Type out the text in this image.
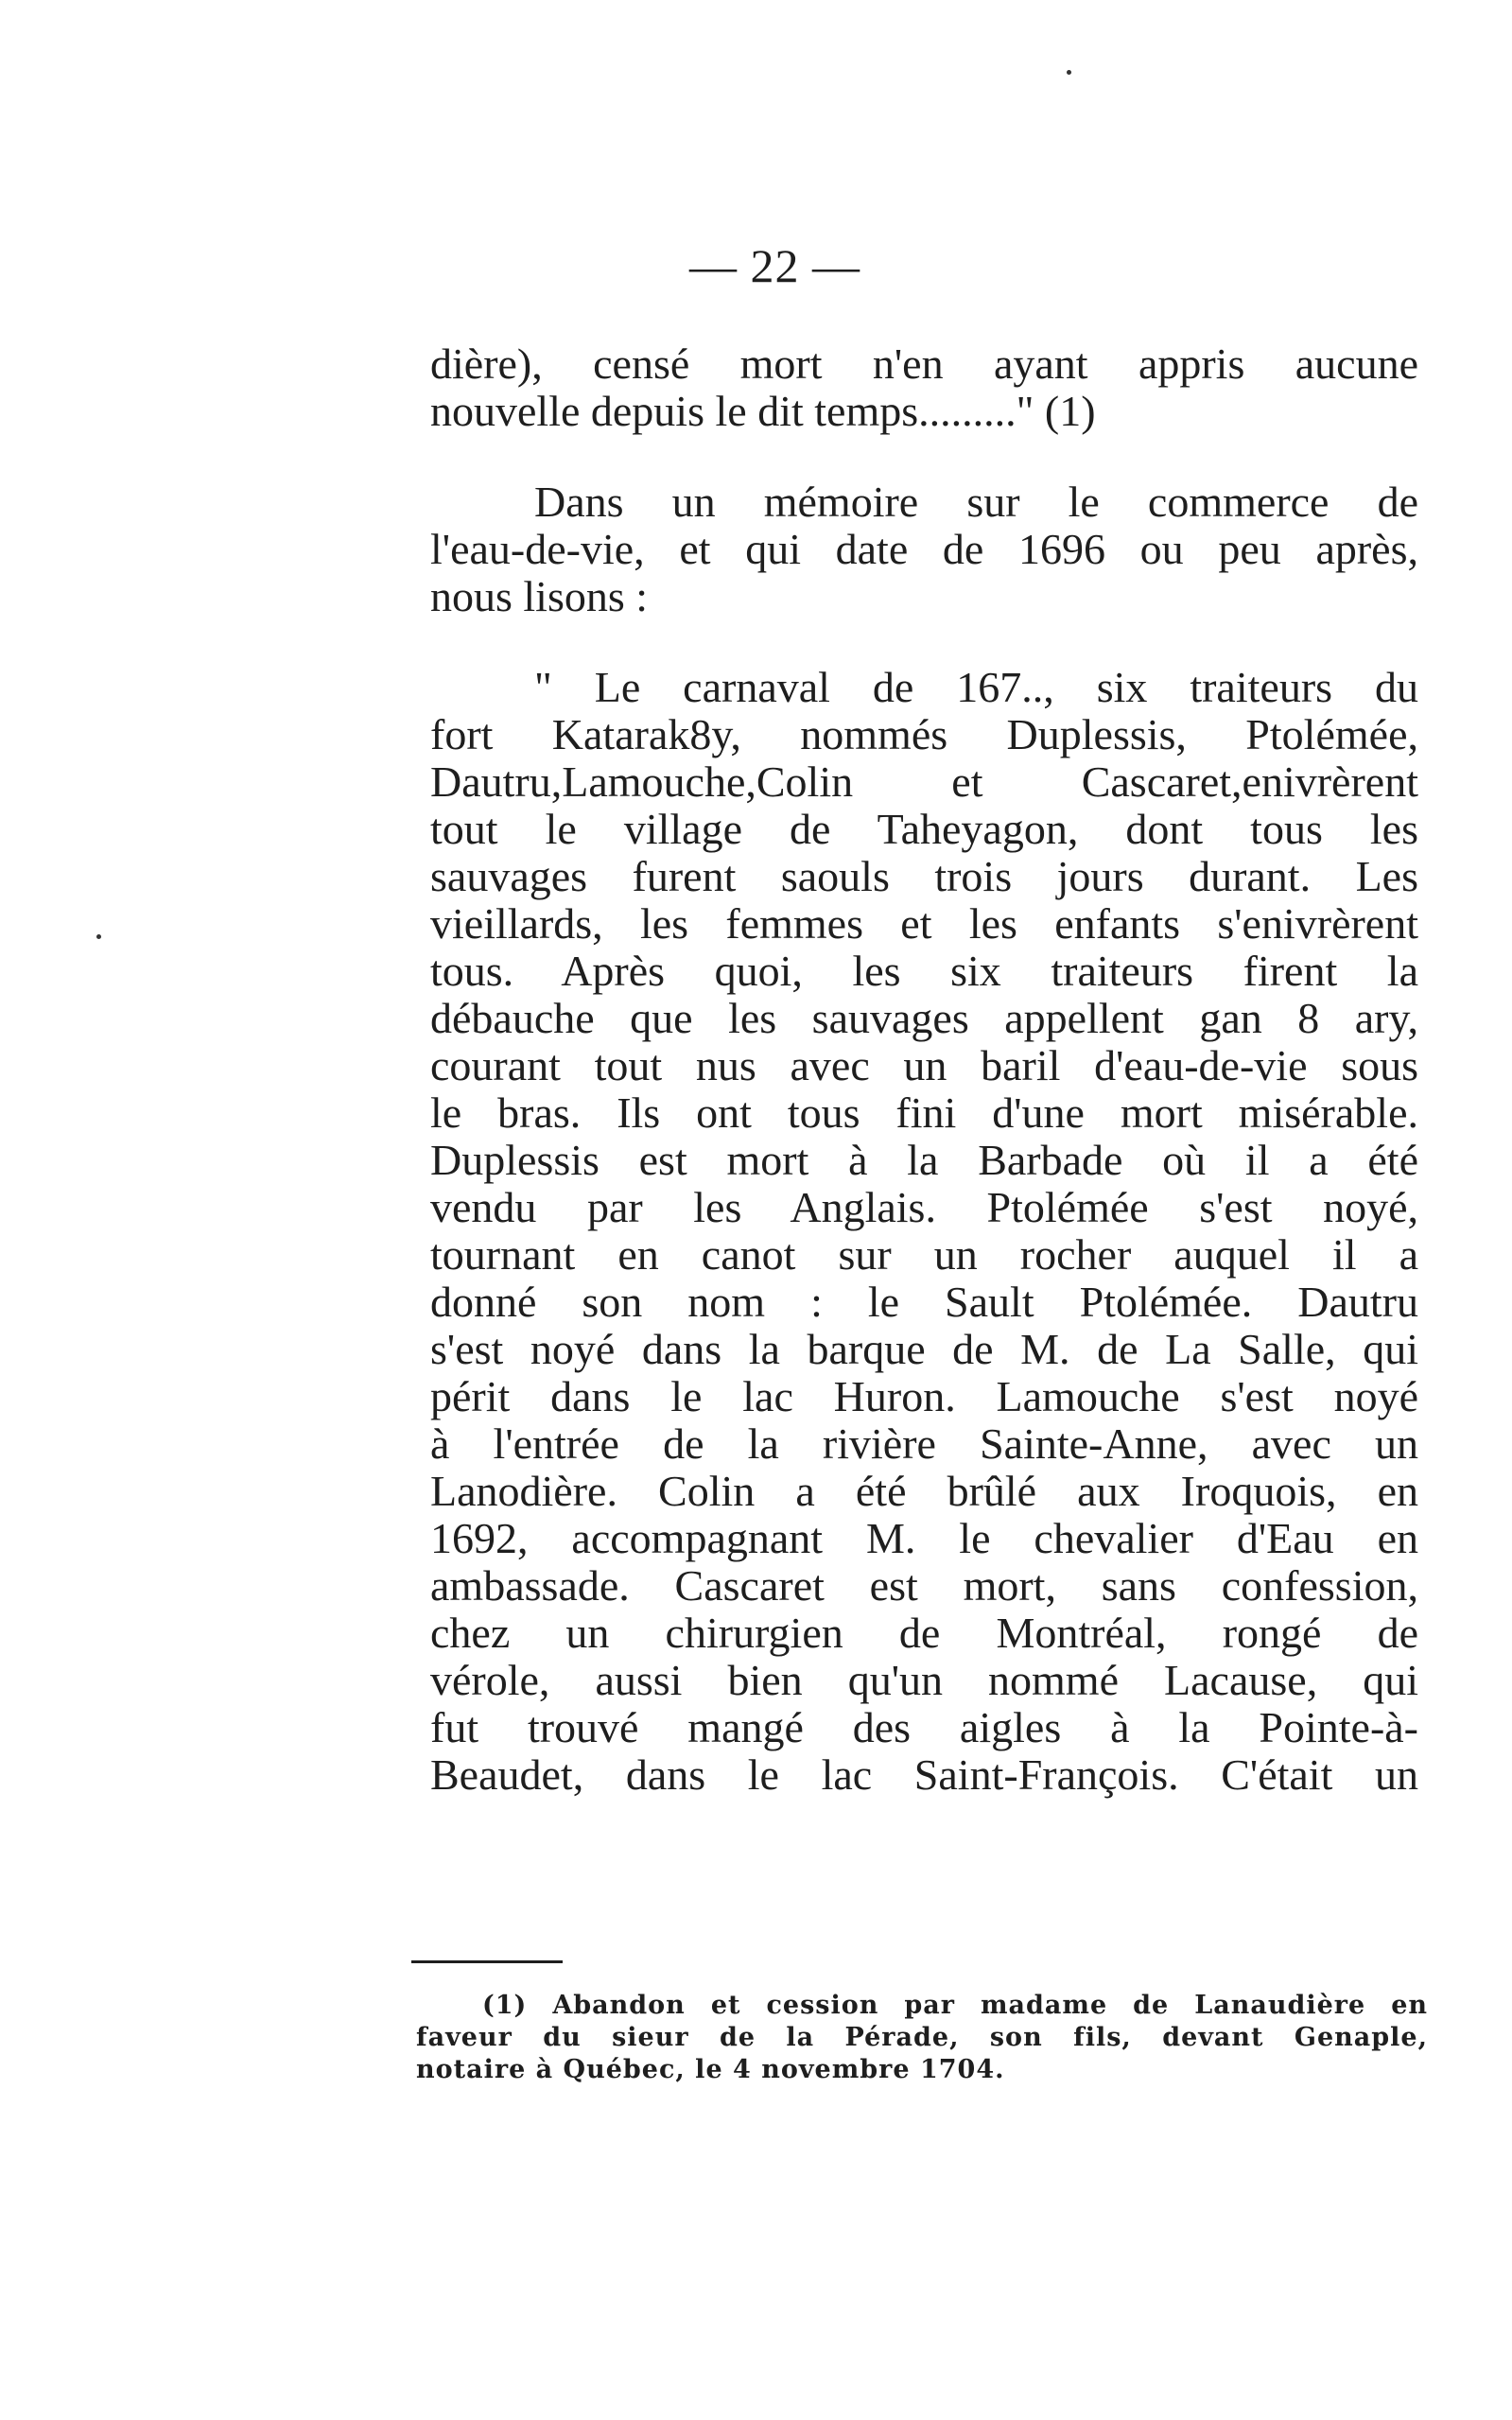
— 22 —
dière), censé mort n'en ayant appris aucune
nouvelle depuis le dit temps........." (1)
Dans un mémoire sur le commerce de
l'eau-de-vie, et qui date de 1696 ou peu après,
nous lisons :
" Le carnaval de 167.., six traiteurs du
fort Katarak8y, nommés Duplessis, Ptolémée,
Dautru,Lamouche,Colin et Cascaret,enivrèrent
tout le village de Taheyagon, dont tous les
sauvages furent saouls trois jours durant. Les
vieillards, les femmes et les enfants s'enivrèrent
tous. Après quoi, les six traiteurs firent la
débauche que les sauvages appellent gan 8 ary,
courant tout nus avec un baril d'eau-de-vie sous
le bras. Ils ont tous fini d'une mort misérable.
Duplessis est mort à la Barbade où il a été
vendu par les Anglais. Ptolémée s'est noyé,
tournant en canot sur un rocher auquel il a
donné son nom : le Sault Ptolémée. Dautru
s'est noyé dans la barque de M. de La Salle, qui
périt dans le lac Huron. Lamouche s'est noyé
à l'entrée de la rivière Sainte-Anne, avec un
Lanodière. Colin a été brûlé aux Iroquois, en
1692, accompagnant M. le chevalier d'Eau en
ambassade. Cascaret est mort, sans confession,
chez un chirurgien de Montréal, rongé de
vérole, aussi bien qu'un nommé Lacause, qui
fut trouvé mangé des aigles à la Pointe-à-
Beaudet, dans le lac Saint-François. C'était un
(1) Abandon et cession par madame de Lanaudière en
faveur du sieur de la Pérade, son fils, devant Genaple,
notaire à Québec, le 4 novembre 1704.
